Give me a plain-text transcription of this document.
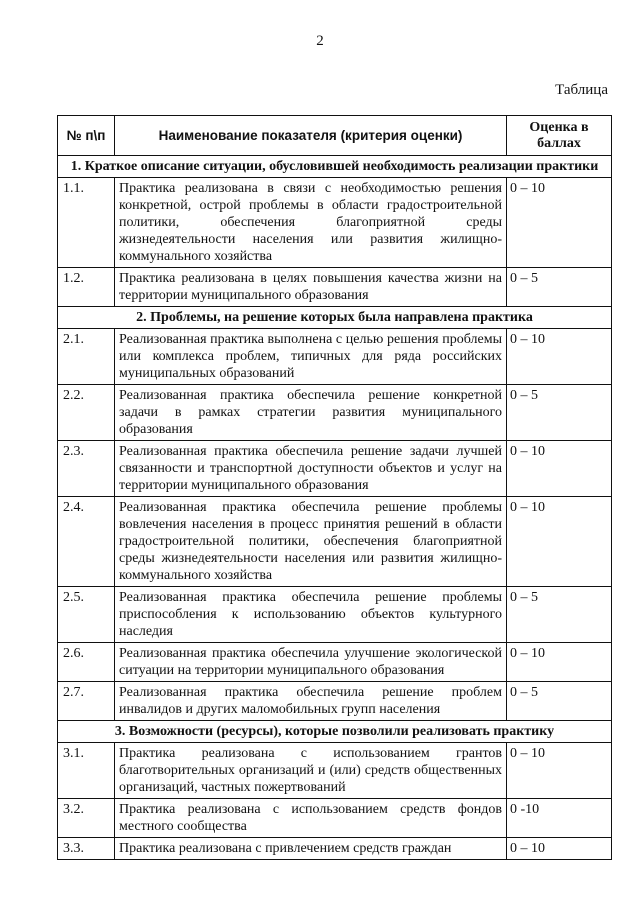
2
Таблица
№ п\п	Наименование показателя (критерия оценки)	Оценка в баллах
1. Краткое описание ситуации, обусловившей необходимость реализации практики		
1.1.	Практика реализована в связи с необходимостью решения конкретной, острой проблемы в области градостроительной политики, обеспечения благоприятной среды жизнедеятельности населения или развития жилищно-коммунального хозяйства	0 – 10
1.2.	Практика реализована в целях повышения качества жизни на территории муниципального образования	0 – 5
2. Проблемы, на решение которых была направлена практика		
2.1.	Реализованная практика выполнена с целью решения проблемы или комплекса проблем, типичных для ряда российских муниципальных образований	0 – 10
2.2.	Реализованная практика обеспечила решение конкретной задачи в рамках стратегии развития муниципального образования	0 – 5
2.3.	Реализованная практика обеспечила решение задачи лучшей связанности и транспортной доступности объектов и услуг на территории муниципального образования	0 – 10
2.4.	Реализованная практика обеспечила решение проблемы вовлечения населения в процесс принятия решений в области градостроительной политики, обеспечения благоприятной среды жизнедеятельности населения или развития жилищно-коммунального хозяйства	0 – 10
2.5.	Реализованная практика обеспечила решение проблемы приспособления к использованию объектов культурного наследия	0 – 5
2.6.	Реализованная практика обеспечила улучшение экологической ситуации на территории муниципального образования	0 – 10
2.7.	Реализованная практика обеспечила решение проблем инвалидов и других маломобильных групп населения	0 – 5
3. Возможности (ресурсы), которые позволили реализовать практику		
3.1.	Практика реализована с использованием грантов благотворительных организаций и (или) средств общественных организаций, частных пожертвований	0 – 10
3.2.	Практика реализована с использованием средств фондов местного сообщества	0 -10
3.3.	Практика реализована с привлечением средств граждан	0 – 10
